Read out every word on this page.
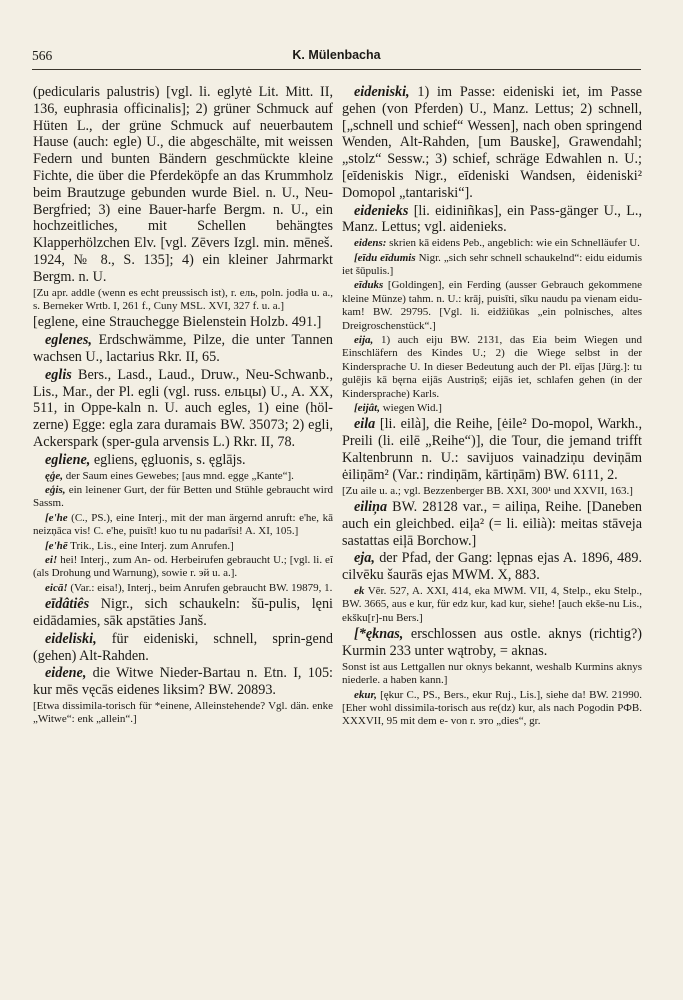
566	K. Mülenbacha
(pedicularis palustris) [vgl. li. eglytė Lit. Mitt. II, 136, euphrasia officinalis]; 2) grüner Schmuck auf Hüten L., der grüne Schmuck auf neuerbautem Hause (auch: egle) U., die abgeschälte, mit weissen Federn und bunten Bändern geschmückte kleine Fichte, die über die Pferdeköpfe an das Krummholz beim Brautzuge gebunden wurde Biel. n. U., Neu-Bergfried; 3) eine Bauer-harfe Bergm. n. U., ein hochzeitliches, mit Schellen behängtes Klapperhölzchen Elv. [vgl. Zēvers Izgl. min. mēneš. 1924, № 8., S. 135]; 4) ein kleiner Jahrmarkt Bergm. n. U.
[Zu apr. addle (wenn es echt preussisch ist), r. ель, poln. jodła u. a., s. Berneker Wrtb. I, 261 f., Cuny MSL. XVI, 327 f. u. a.]
[eglene, eine Strauchegge Bielenstein Holzb. 491.]
eglenes, Erdschwämme, Pilze, die unter Tannen wachsen U., lactarius Rkr. II, 65.
eglis Bers., Lasd., Laud., Druw., Neu-Schwanb., Lis., Mar., der Pl. egli (vgl. russ. ельцы) U., A. XX, 511, in Oppe-kaln n. U. auch egles, 1) eine (höl-zerne) Egge: egla zara duramais BW. 35073; 2) egli, Ackerspark (sper-gula arvensis L.) Rkr. II, 78.
egliene, egliens, ęgluonis, s. ęglājs.
ęģe, der Saum eines Gewebes; [aus mnd. egge „Kante“].
eģis, ein leinener Gurt, der für Betten und Stühle gebraucht wird Sassm.
[e'he (C., PS.), eine Interj., mit der man ärgernd anruft: e'he, kā neizņāca vis! C. e'he, puisīt! kuo tu nu padarīsi! A. XI, 105.]
[e'hē Trik., Lis., eine Interj. zum Anrufen.]
ei! hei! Interj., zum An- od. Herbeirufen gebraucht U.; [vgl. li. eĩ (als Drohung und Warnung), sowie r. эй u. a.].
eicā! (Var.: eisa!), Interj., beim Anrufen gebraucht BW. 19879, 1.
eīdâtiês Nigr., sich schaukeln: šū-pulis, lęni eidādamies, sāk apstāties Janš.
eideliski, für eideniski, schnell, sprin-gend (gehen) Alt-Rahden.
eidene, die Witwe Nieder-Bartau n. Etn. I, 105: kur mēs vęcās eidenes liksim? BW. 20893.
[Etwa dissimila-torisch für *einene, Alleinstehende? Vgl. dän. enke „Witwe“: enk „allein“.]
eideniski, 1) im Passe: eideniski iet, im Passe gehen (von Pferden) U., Manz. Lettus; 2) schnell, [„schnell und schief“ Wessen], nach oben springend Wenden, Alt-Rahden, [um Bauske], Grawendahl; „stolz“ Sessw.; 3) schief, schräge Edwahlen n. U.; [eīdeniskis Nigr., eīdeniski Wandsen, ėideniski² Domopol „tantariski“].
eidenieks [li. eidiniñkas], ein Pass-gänger U., L., Manz. Lettus; vgl. aidenieks.
eidens: skrien kā eidens Peb., angeblich: wie ein Schnelläufer U.
[eīdu eīdumis Nigr. „sich sehr schnell schaukelnd“: eidu eidumis iet šūpulis.]
eīduks [Goldingen], ein Ferding (ausser Gebrauch gekommene kleine Münze) tahm. n. U.: krāj, puisīti, sīku naudu pa vienam eidu-kam! BW. 29795. [Vgl. li. eidžiūkas „ein polnisches, altes Dreigroschenstück“.]
eija, 1) auch eiju BW. 2131, das Eia beim Wiegen und Einschläfern des Kindes U.; 2) die Wiege selbst in der Kindersprache U. In dieser Bedeutung auch der Pl. eījas [Jürg.]: tu gulējis kā bęrna eijās Austriņš; eijās iet, schlafen gehen (in der Kindersprache) Karls.
[eijât, wiegen Wid.]
eila [li. eilà], die Reihe, [ėile² Do-mopol, Warkh., Preili (li. eilē „Reihe“)], die Tour, die jemand trifft Kaltenbrunn n. U.: savijuos vainadziņu deviņām ėiliņām² (Var.: rindiņām, kārtiņām) BW. 6111, 2.
[Zu aile u. a.; vgl. Bezzenberger BB. XXI, 300¹ und XXVII, 163.]
eiliņa BW. 28128 var., = ailiņa, Reihe. [Daneben auch ein gleichbed. eiļa² (= li. eilià): meitas stāveja sastattas eiļā Borchow.]
eja, der Pfad, der Gang: lępnas ejas A. 1896, 489. cilvēku šaurās ejas MWM. X, 883.
ek Vēr. 527, A. XXI, 414, eka MWM. VII, 4, Stelp., eku Stelp., BW. 3665, aus e kur, für edz kur, kad kur, siehe! [auch ekše-nu Lis., ekšku[r]-nu Bers.]
[*ęknas, erschlossen aus ostle. aknys (richtig?) Kurmin 233 unter wątroby, = aknas.
Sonst ist aus Lettgallen nur oknys bekannt, weshalb Kurmins aknys niederle. a haben kann.]
ekur, [ękur C., PS., Bers., ekur Ruj., Lis.], siehe da! BW. 21990. [Eher wohl dissimila-torisch aus re(dz) kur, als nach Pogodin РФВ. XXXVII, 95 mit dem e- von r. это „dies“, gr.
